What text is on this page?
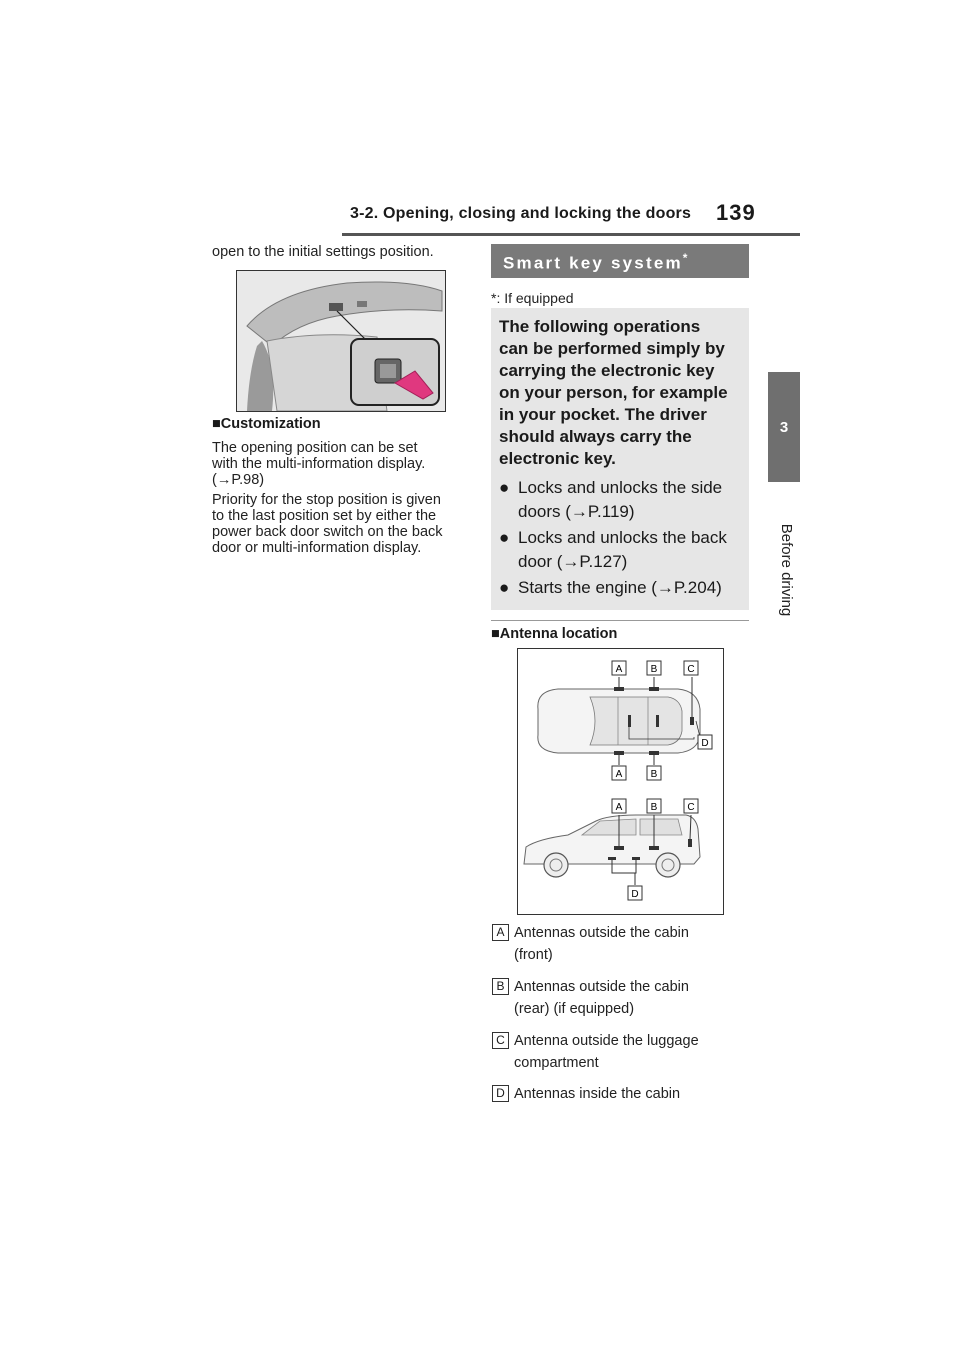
3-2. Opening, closing and locking the doors 139
3
Before driving
open to the initial settings position.
■Customization
The opening position can be set
with the multi-information display.
(→P.98)
Priority for the stop position is given
to the last position set by either the
power back door switch on the back
door or multi-information display.
Smart key system*
*: If equipped
The following operations
can be performed simply by
carrying the electronic key
on your person, for example
in your pocket. The driver
should always carry the
electronic key.
● Locks and unlocks the side
doors (→P.119)
● Locks and unlocks the back
door (→P.127)
● Starts the engine (→P.204)
■Antenna location
A	B	C
D
A	B
A	B	C
D
A Antennas outside the cabin
(front)
B Antennas outside the cabin
(rear) (if equipped)
C Antenna outside the luggage
compartment
D Antennas inside the cabin
